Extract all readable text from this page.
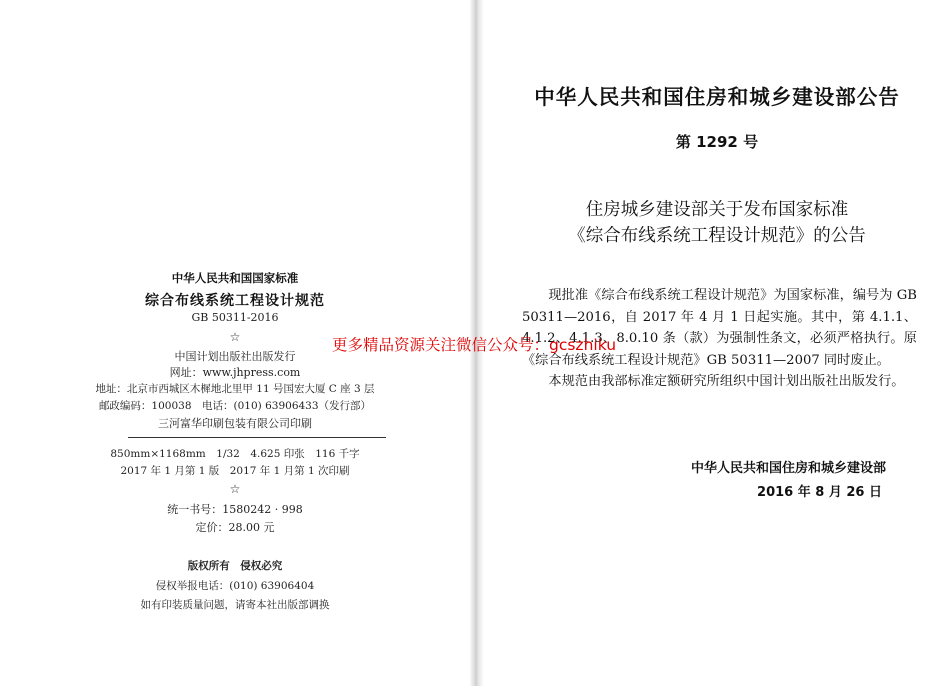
中华人民共和国国家标准
综合布线系统工程设计规范
GB 50311-2016
☆
中国计划出版社出版发行
网址：www.jhpress.com
地址：北京市西城区木樨地北里甲 11 号国宏大厦 C 座 3 层
邮政编码：100038　电话：(010) 63906433（发行部）
三河富华印刷包装有限公司印刷
850mm×1168mm　1/32　4.625 印张　116 千字
2017 年 1 月第 1 版　2017 年 1 月第 1 次印刷
☆
统一书号：1580242 · 998
定价：28.00 元
版权所有　侵权必究
侵权举报电话：(010) 63906404
如有印装质量问题，请寄本社出版部调换
中华人民共和国住房和城乡建设部公告
第 1292 号
住房城乡建设部关于发布国家标准
《综合布线系统工程设计规范》的公告

现批准《综合布线系统工程设计规范》为国家标准，编号为 GB 50311—2016，自 2017 年 4 月 1 日起实施。其中，第 4.1.1、4.1.2、4.1.3、8.0.10 条（款）为强制性条文，必须严格执行。原《综合布线系统工程设计规范》GB 50311—2007 同时废止。

本规范由我部标准定额研究所组织中国计划出版社出版发行。

中华人民共和国住房和城乡建设部
2016 年 8 月 26 日
更多精品资源关注微信公众号：gcszhiku
